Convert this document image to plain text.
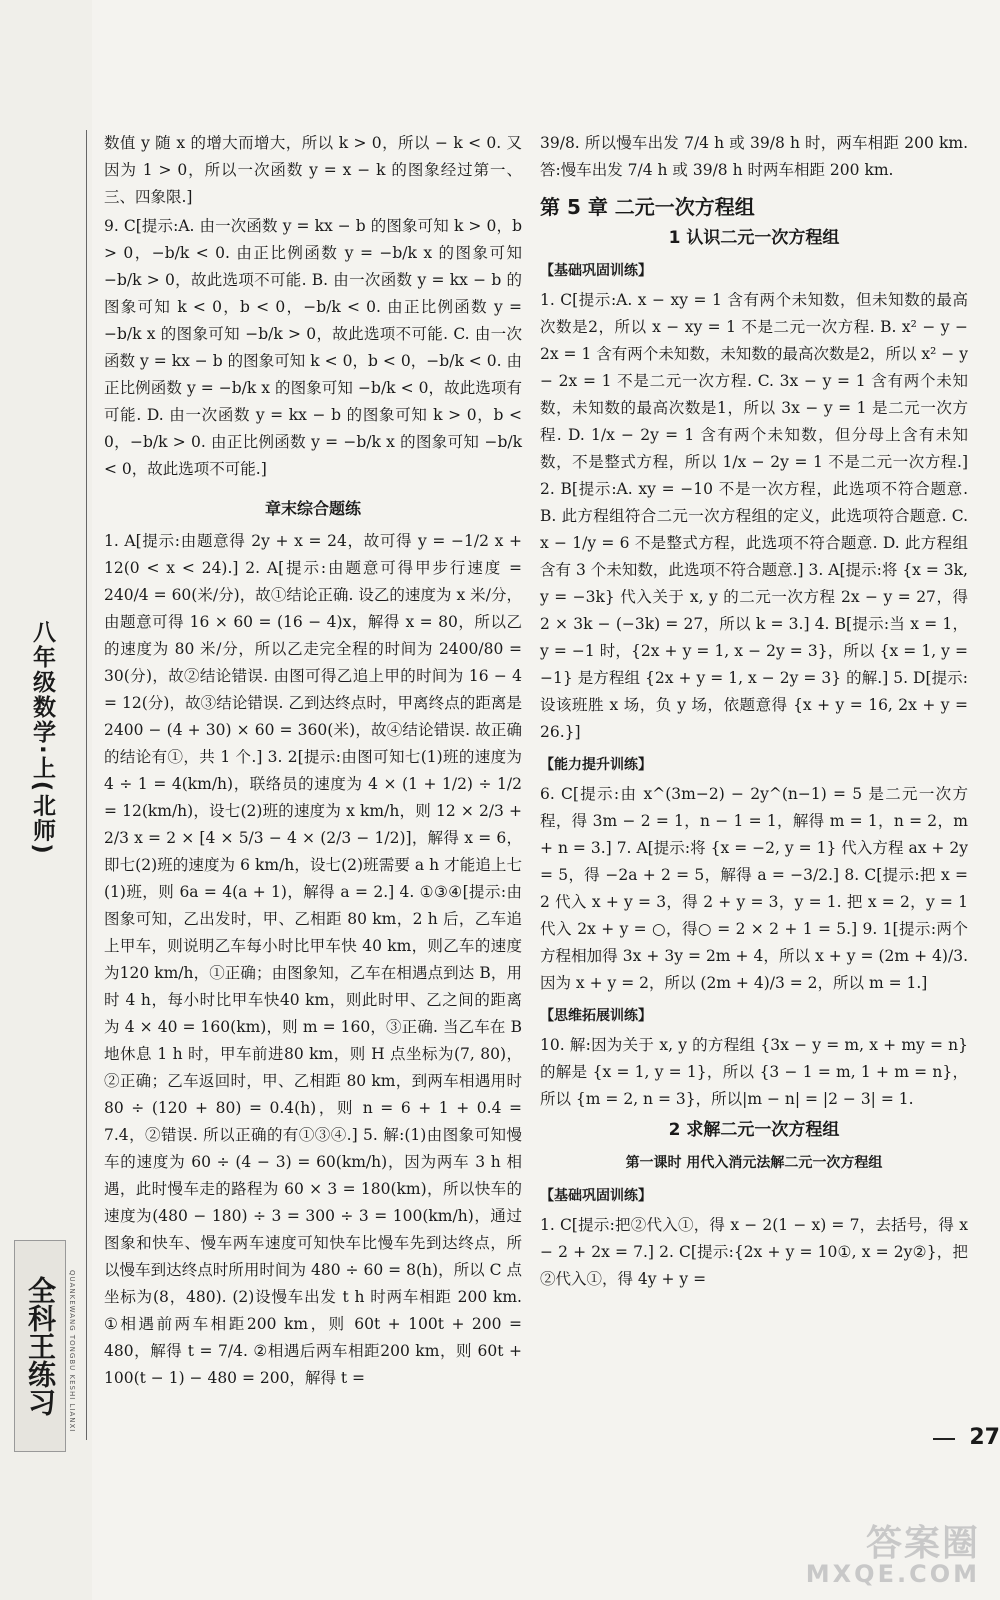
八年级数学·上(北师)
全科王练习	QUANKEWANG TONGBU KESHI LIANXI

数值 y 随 x 的增大而增大，所以 k > 0，所以 − k < 0. 又因为 1 > 0，所以一次函数 y = x − k 的图象经过第一、三、四象限.]

9. C[提示:A. 由一次函数 y = kx − b 的图象可知 k > 0，b > 0，−b/k < 0. 由正比例函数 y = −b/k x 的图象可知 −b/k > 0，故此选项不可能. B. 由一次函数 y = kx − b 的图象可知 k < 0，b < 0，−b/k < 0. 由正比例函数 y = −b/k x 的图象可知 −b/k > 0，故此选项不可能. C. 由一次函数 y = kx − b 的图象可知 k < 0，b < 0，−b/k < 0. 由正比例函数 y = −b/k x 的图象可知 −b/k < 0，故此选项有可能. D. 由一次函数 y = kx − b 的图象可知 k > 0，b < 0，−b/k > 0. 由正比例函数 y = −b/k x 的图象可知 −b/k < 0，故此选项不可能.]

章末综合题练

1. A[提示:由题意得 2y + x = 24，故可得 y = −1/2 x + 12(0 < x < 24).] 2. A[提示:由题意可得甲步行速度 = 240/4 = 60(米/分)，故①结论正确. 设乙的速度为 x 米/分，由题意可得 16 × 60 = (16 − 4)x，解得 x = 80，所以乙的速度为 80 米/分，所以乙走完全程的时间为 2400/80 = 30(分)，故②结论错误. 由图可得乙追上甲的时间为 16 − 4 = 12(分)，故③结论错误. 乙到达终点时，甲离终点的距离是 2400 − (4 + 30) × 60 = 360(米)，故④结论错误. 故正确的结论有①，共 1 个.] 3. 2[提示:由图可知七(1)班的速度为 4 ÷ 1 = 4(km/h)，联络员的速度为 4 × (1 + 1/2) ÷ 1/2 = 12(km/h)，设七(2)班的速度为 x km/h，则 12 × 2/3 + 2/3 x = 2 × [4 × 5/3 − 4 × (2/3 − 1/2)]，解得 x = 6，即七(2)班的速度为 6 km/h，设七(2)班需要 a h 才能追上七(1)班，则 6a = 4(a + 1)，解得 a = 2.] 4. ①③④[提示:由图象可知，乙出发时，甲、乙相距 80 km，2 h 后，乙车追上甲车，则说明乙车每小时比甲车快 40 km，则乙车的速度为120 km/h，①正确；由图象知，乙车在相遇点到达 B，用时 4 h，每小时比甲车快40 km，则此时甲、乙之间的距离为 4 × 40 = 160(km)，则 m = 160，③正确. 当乙车在 B 地休息 1 h 时，甲车前进80 km，则 H 点坐标为(7, 80)，②正确；乙车返回时，甲、乙相距 80 km，到两车相遇用时 80 ÷ (120 + 80) = 0.4(h)，则 n = 6 + 1 + 0.4 = 7.4，②错误. 所以正确的有①③④.] 5. 解:(1)由图象可知慢车的速度为 60 ÷ (4 − 3) = 60(km/h)，因为两车 3 h 相遇，此时慢车走的路程为 60 × 3 = 180(km)，所以快车的速度为(480 − 180) ÷ 3 = 300 ÷ 3 = 100(km/h)，通过图象和快车、慢车两车速度可知快车比慢车先到达终点，所以慢车到达终点时所用时间为 480 ÷ 60 = 8(h)，所以 C 点坐标为(8，480). (2)设慢车出发 t h 时两车相距 200 km. ①相遇前两车相距200 km，则 60t + 100t + 200 = 480，解得 t = 7/4. ②相遇后两车相距200 km，则 60t + 100(t − 1) − 480 = 200，解得 t =

39/8. 所以慢车出发 7/4 h 或 39/8 h 时，两车相距 200 km. 答:慢车出发 7/4 h 或 39/8 h 时两车相距 200 km.

第 5 章 二元一次方程组
1 认识二元一次方程组
【基础巩固训练】

1. C[提示:A. x − xy = 1 含有两个未知数，但未知数的最高次数是2，所以 x − xy = 1 不是二元一次方程. B. x² − y − 2x = 1 含有两个未知数，未知数的最高次数是2，所以 x² − y − 2x = 1 不是二元一次方程. C. 3x − y = 1 含有两个未知数，未知数的最高次数是1，所以 3x − y = 1 是二元一次方程. D. 1/x − 2y = 1 含有两个未知数，但分母上含有未知数，不是整式方程，所以 1/x − 2y = 1 不是二元一次方程.] 2. B[提示:A. xy = −10 不是一次方程，此选项不符合题意. B. 此方程组符合二元一次方程组的定义，此选项符合题意. C. x − 1/y = 6 不是整式方程，此选项不符合题意. D. 此方程组含有 3 个未知数，此选项不符合题意.] 3. A[提示:将 {x = 3k, y = −3k} 代入关于 x, y 的二元一次方程 2x − y = 27，得 2 × 3k − (−3k) = 27，所以 k = 3.] 4. B[提示:当 x = 1，y = −1 时，{2x + y = 1, x − 2y = 3}，所以 {x = 1, y = −1} 是方程组 {2x + y = 1, x − 2y = 3} 的解.] 5. D[提示:设该班胜 x 场，负 y 场，依题意得 {x + y = 16, 2x + y = 26.}]

【能力提升训练】

6. C[提示:由 x^(3m−2) − 2y^(n−1) = 5 是二元一次方程，得 3m − 2 = 1，n − 1 = 1，解得 m = 1，n = 2，m + n = 3.] 7. A[提示:将 {x = −2, y = 1} 代入方程 ax + 2y = 5，得 −2a + 2 = 5，解得 a = −3/2.] 8. C[提示:把 x = 2 代入 x + y = 3，得 2 + y = 3，y = 1. 把 x = 2，y = 1 代入 2x + y = ○，得○ = 2 × 2 + 1 = 5.] 9. 1[提示:两个方程相加得 3x + 3y = 2m + 4，所以 x + y = (2m + 4)/3. 因为 x + y = 2，所以 (2m + 4)/3 = 2，所以 m = 1.]

【思维拓展训练】

10. 解:因为关于 x, y 的方程组 {3x − y = m, x + my = n} 的解是 {x = 1, y = 1}，所以 {3 − 1 = m, 1 + m = n}，所以 {m = 2, n = 3}，所以|m − n| = |2 − 3| = 1.

2 求解二元一次方程组
第一课时 用代入消元法解二元一次方程组
【基础巩固训练】

1. C[提示:把②代入①，得 x − 2(1 − x) = 7，去括号，得 x − 2 + 2x = 7.] 2. C[提示:{2x + y = 10①, x = 2y②}，把②代入①，得 4y + y =

27
答案圈
MXQE.COM
